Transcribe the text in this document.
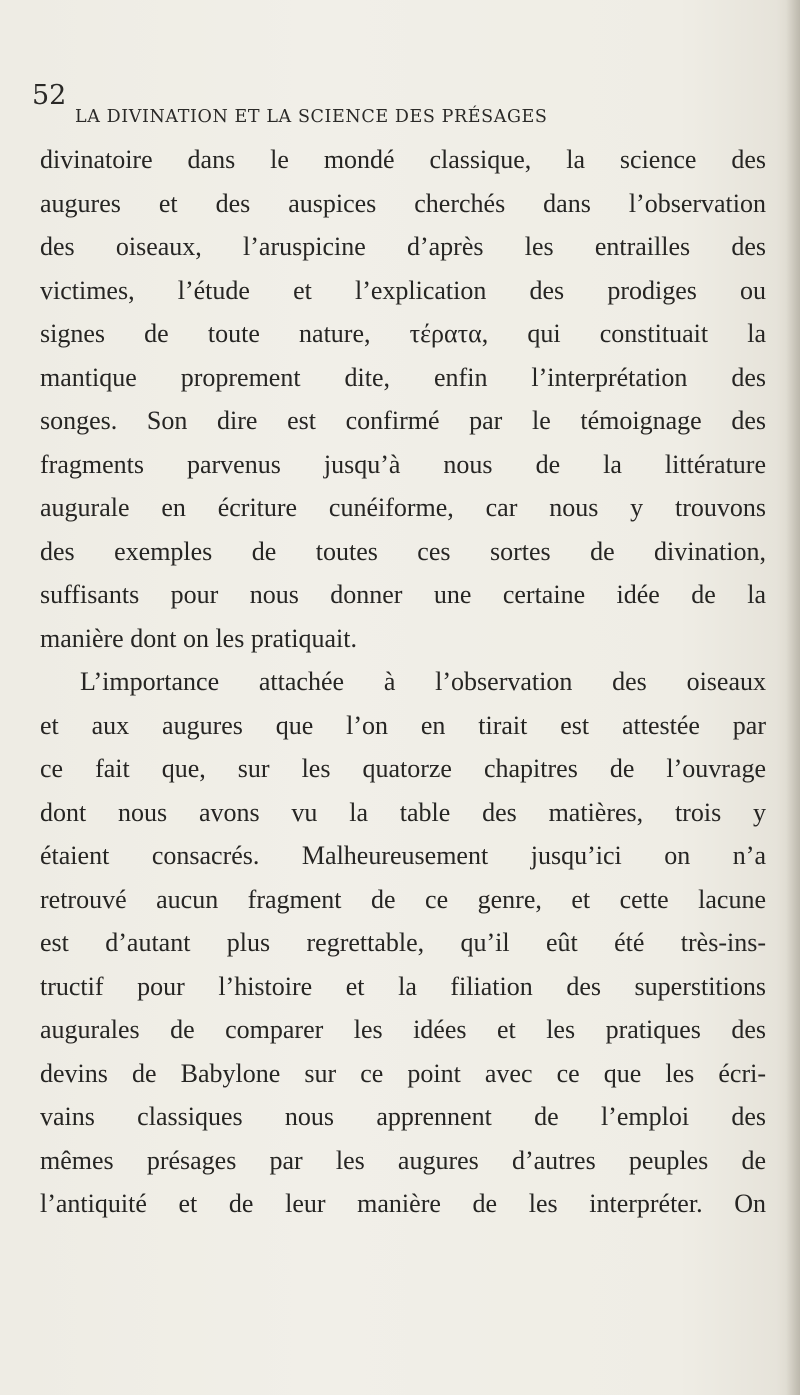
52
LA DIVINATION ET LA SCIENCE DES PRÉSAGES
divinatoire dans le mondé classique, la science des
augures et des auspices cherchés dans l’observation
des oiseaux, l’aruspicine d’après les entrailles des
victimes, l’étude et l’explication des prodiges ou
signes de toute nature, τέρατα, qui constituait la
mantique proprement dite, enfin l’interprétation des
songes. Son dire est confirmé par le témoignage des
fragments parvenus jusqu’à nous de la littérature
augurale en écriture cunéiforme, car nous y trouvons
des exemples de toutes ces sortes de divination,
suffisants pour nous donner une certaine idée de la
manière dont on les pratiquait.
L’importance attachée à l’observation des oiseaux
et aux augures que l’on en tirait est attestée par
ce fait que, sur les quatorze chapitres de l’ouvrage
dont nous avons vu la table des matières, trois y
étaient consacrés. Malheureusement jusqu’ici on n’a
retrouvé aucun fragment de ce genre, et cette lacune
est d’autant plus regrettable, qu’il eût été très-ins-
tructif pour l’histoire et la filiation des superstitions
augurales de comparer les idées et les pratiques des
devins de Babylone sur ce point avec ce que les écri-
vains classiques nous apprennent de l’emploi des
mêmes présages par les augures d’autres peuples de
l’antiquité et de leur manière de les interpréter. On
